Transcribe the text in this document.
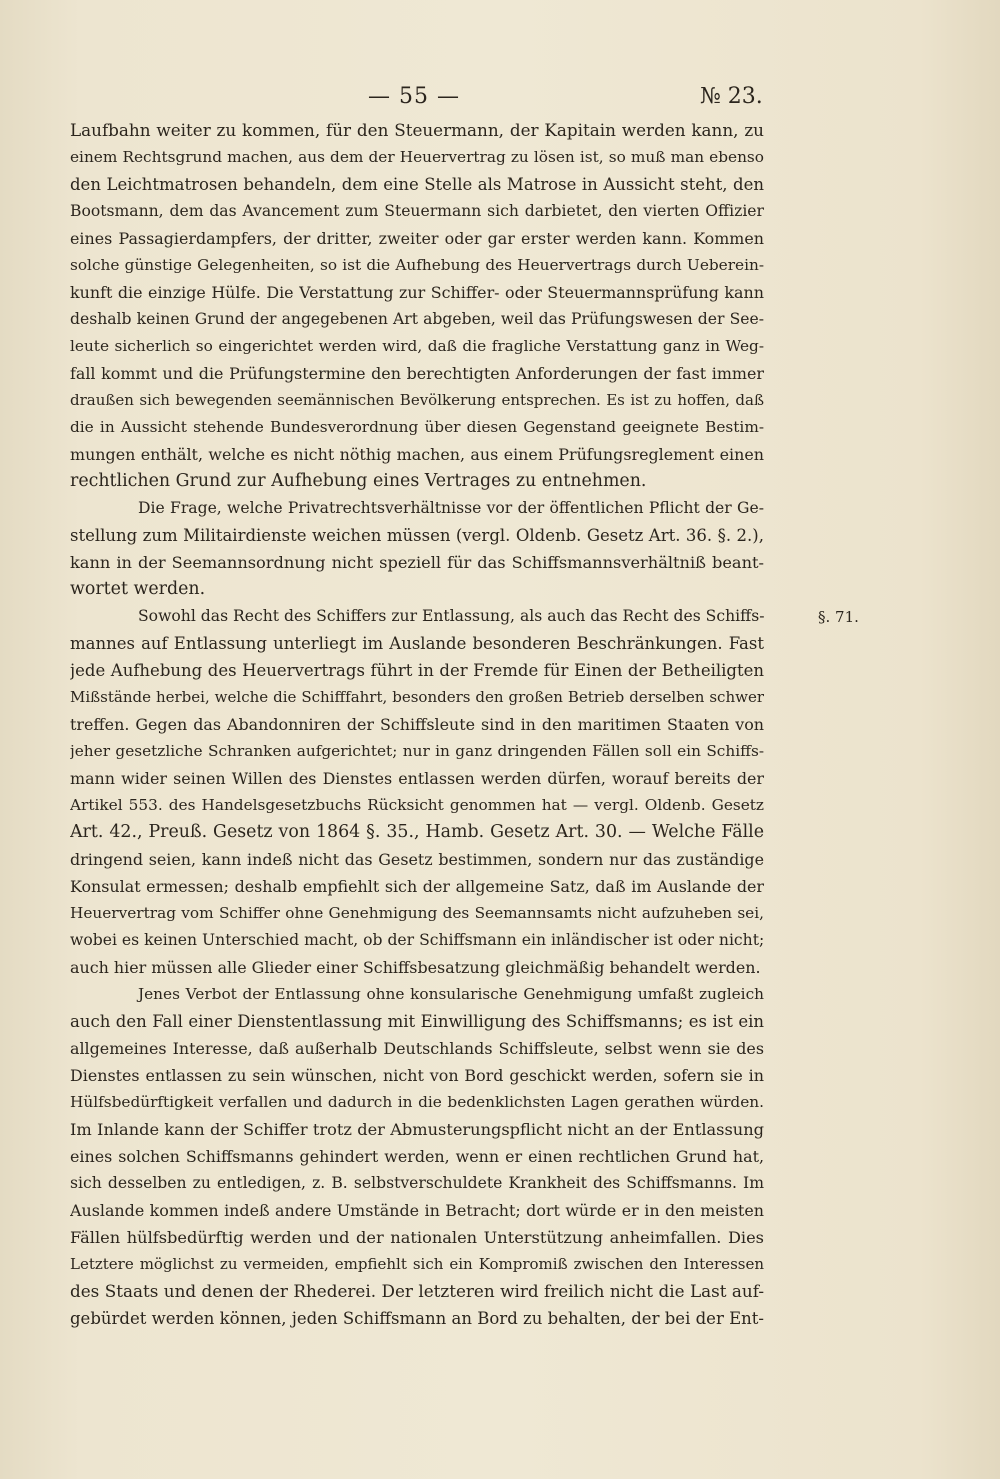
— 55 —	№ 23.
§. 71.
Laufbahn weiter zu kommen, für den Steuermann, der Kapitain werden kann, zu
einem Rechtsgrund machen, aus dem der Heuervertrag zu lösen ist, so muß man ebenso
den Leichtmatrosen behandeln, dem eine Stelle als Matrose in Aussicht steht, den
Bootsmann, dem das Avancement zum Steuermann sich darbietet, den vierten Offizier
eines Passagierdampfers, der dritter, zweiter oder gar erster werden kann. Kommen
solche günstige Gelegenheiten, so ist die Aufhebung des Heuervertrags durch Ueberein-
kunft die einzige Hülfe. Die Verstattung zur Schiffer- oder Steuermannsprüfung kann
deshalb keinen Grund der angegebenen Art abgeben, weil das Prüfungswesen der See-
leute sicherlich so eingerichtet werden wird, daß die fragliche Verstattung ganz in Weg-
fall kommt und die Prüfungstermine den berechtigten Anforderungen der fast immer
draußen sich bewegenden seemännischen Bevölkerung entsprechen. Es ist zu hoffen, daß
die in Aussicht stehende Bundesverordnung über diesen Gegenstand geeignete Bestim-
mungen enthält, welche es nicht nöthig machen, aus einem Prüfungsreglement einen
rechtlichen Grund zur Aufhebung eines Vertrages zu entnehmen.
Die Frage, welche Privatrechtsverhältnisse vor der öffentlichen Pflicht der Ge-
stellung zum Militairdienste weichen müssen (vergl. Oldenb. Gesetz Art. 36. §. 2.),
kann in der Seemannsordnung nicht speziell für das Schiffsmannsverhältniß beant-
wortet werden.
Sowohl das Recht des Schiffers zur Entlassung, als auch das Recht des Schiffs-
mannes auf Entlassung unterliegt im Auslande besonderen Beschränkungen. Fast
jede Aufhebung des Heuervertrags führt in der Fremde für Einen der Betheiligten
Mißstände herbei, welche die Schifffahrt, besonders den großen Betrieb derselben schwer
treffen. Gegen das Abandonniren der Schiffsleute sind in den maritimen Staaten von
jeher gesetzliche Schranken aufgerichtet; nur in ganz dringenden Fällen soll ein Schiffs-
mann wider seinen Willen des Dienstes entlassen werden dürfen, worauf bereits der
Artikel 553. des Handelsgesetzbuchs Rücksicht genommen hat — vergl. Oldenb. Gesetz
Art. 42., Preuß. Gesetz von 1864 §. 35., Hamb. Gesetz Art. 30. — Welche Fälle
dringend seien, kann indeß nicht das Gesetz bestimmen, sondern nur das zuständige
Konsulat ermessen; deshalb empfiehlt sich der allgemeine Satz, daß im Auslande der
Heuervertrag vom Schiffer ohne Genehmigung des Seemannsamts nicht aufzuheben sei,
wobei es keinen Unterschied macht, ob der Schiffsmann ein inländischer ist oder nicht;
auch hier müssen alle Glieder einer Schiffsbesatzung gleichmäßig behandelt werden.
Jenes Verbot der Entlassung ohne konsularische Genehmigung umfaßt zugleich
auch den Fall einer Dienstentlassung mit Einwilligung des Schiffsmanns; es ist ein
allgemeines Interesse, daß außerhalb Deutschlands Schiffsleute, selbst wenn sie des
Dienstes entlassen zu sein wünschen, nicht von Bord geschickt werden, sofern sie in
Hülfsbedürftigkeit verfallen und dadurch in die bedenklichsten Lagen gerathen würden.
Im Inlande kann der Schiffer trotz der Abmusterungspflicht nicht an der Entlassung
eines solchen Schiffsmanns gehindert werden, wenn er einen rechtlichen Grund hat,
sich desselben zu entledigen, z. B. selbstverschuldete Krankheit des Schiffsmanns. Im
Auslande kommen indeß andere Umstände in Betracht; dort würde er in den meisten
Fällen hülfsbedürftig werden und der nationalen Unterstützung anheimfallen. Dies
Letztere möglichst zu vermeiden, empfiehlt sich ein Kompromiß zwischen den Interessen
des Staats und denen der Rhederei. Der letzteren wird freilich nicht die Last auf-
gebürdet werden können, jeden Schiffsmann an Bord zu behalten, der bei der Ent-
